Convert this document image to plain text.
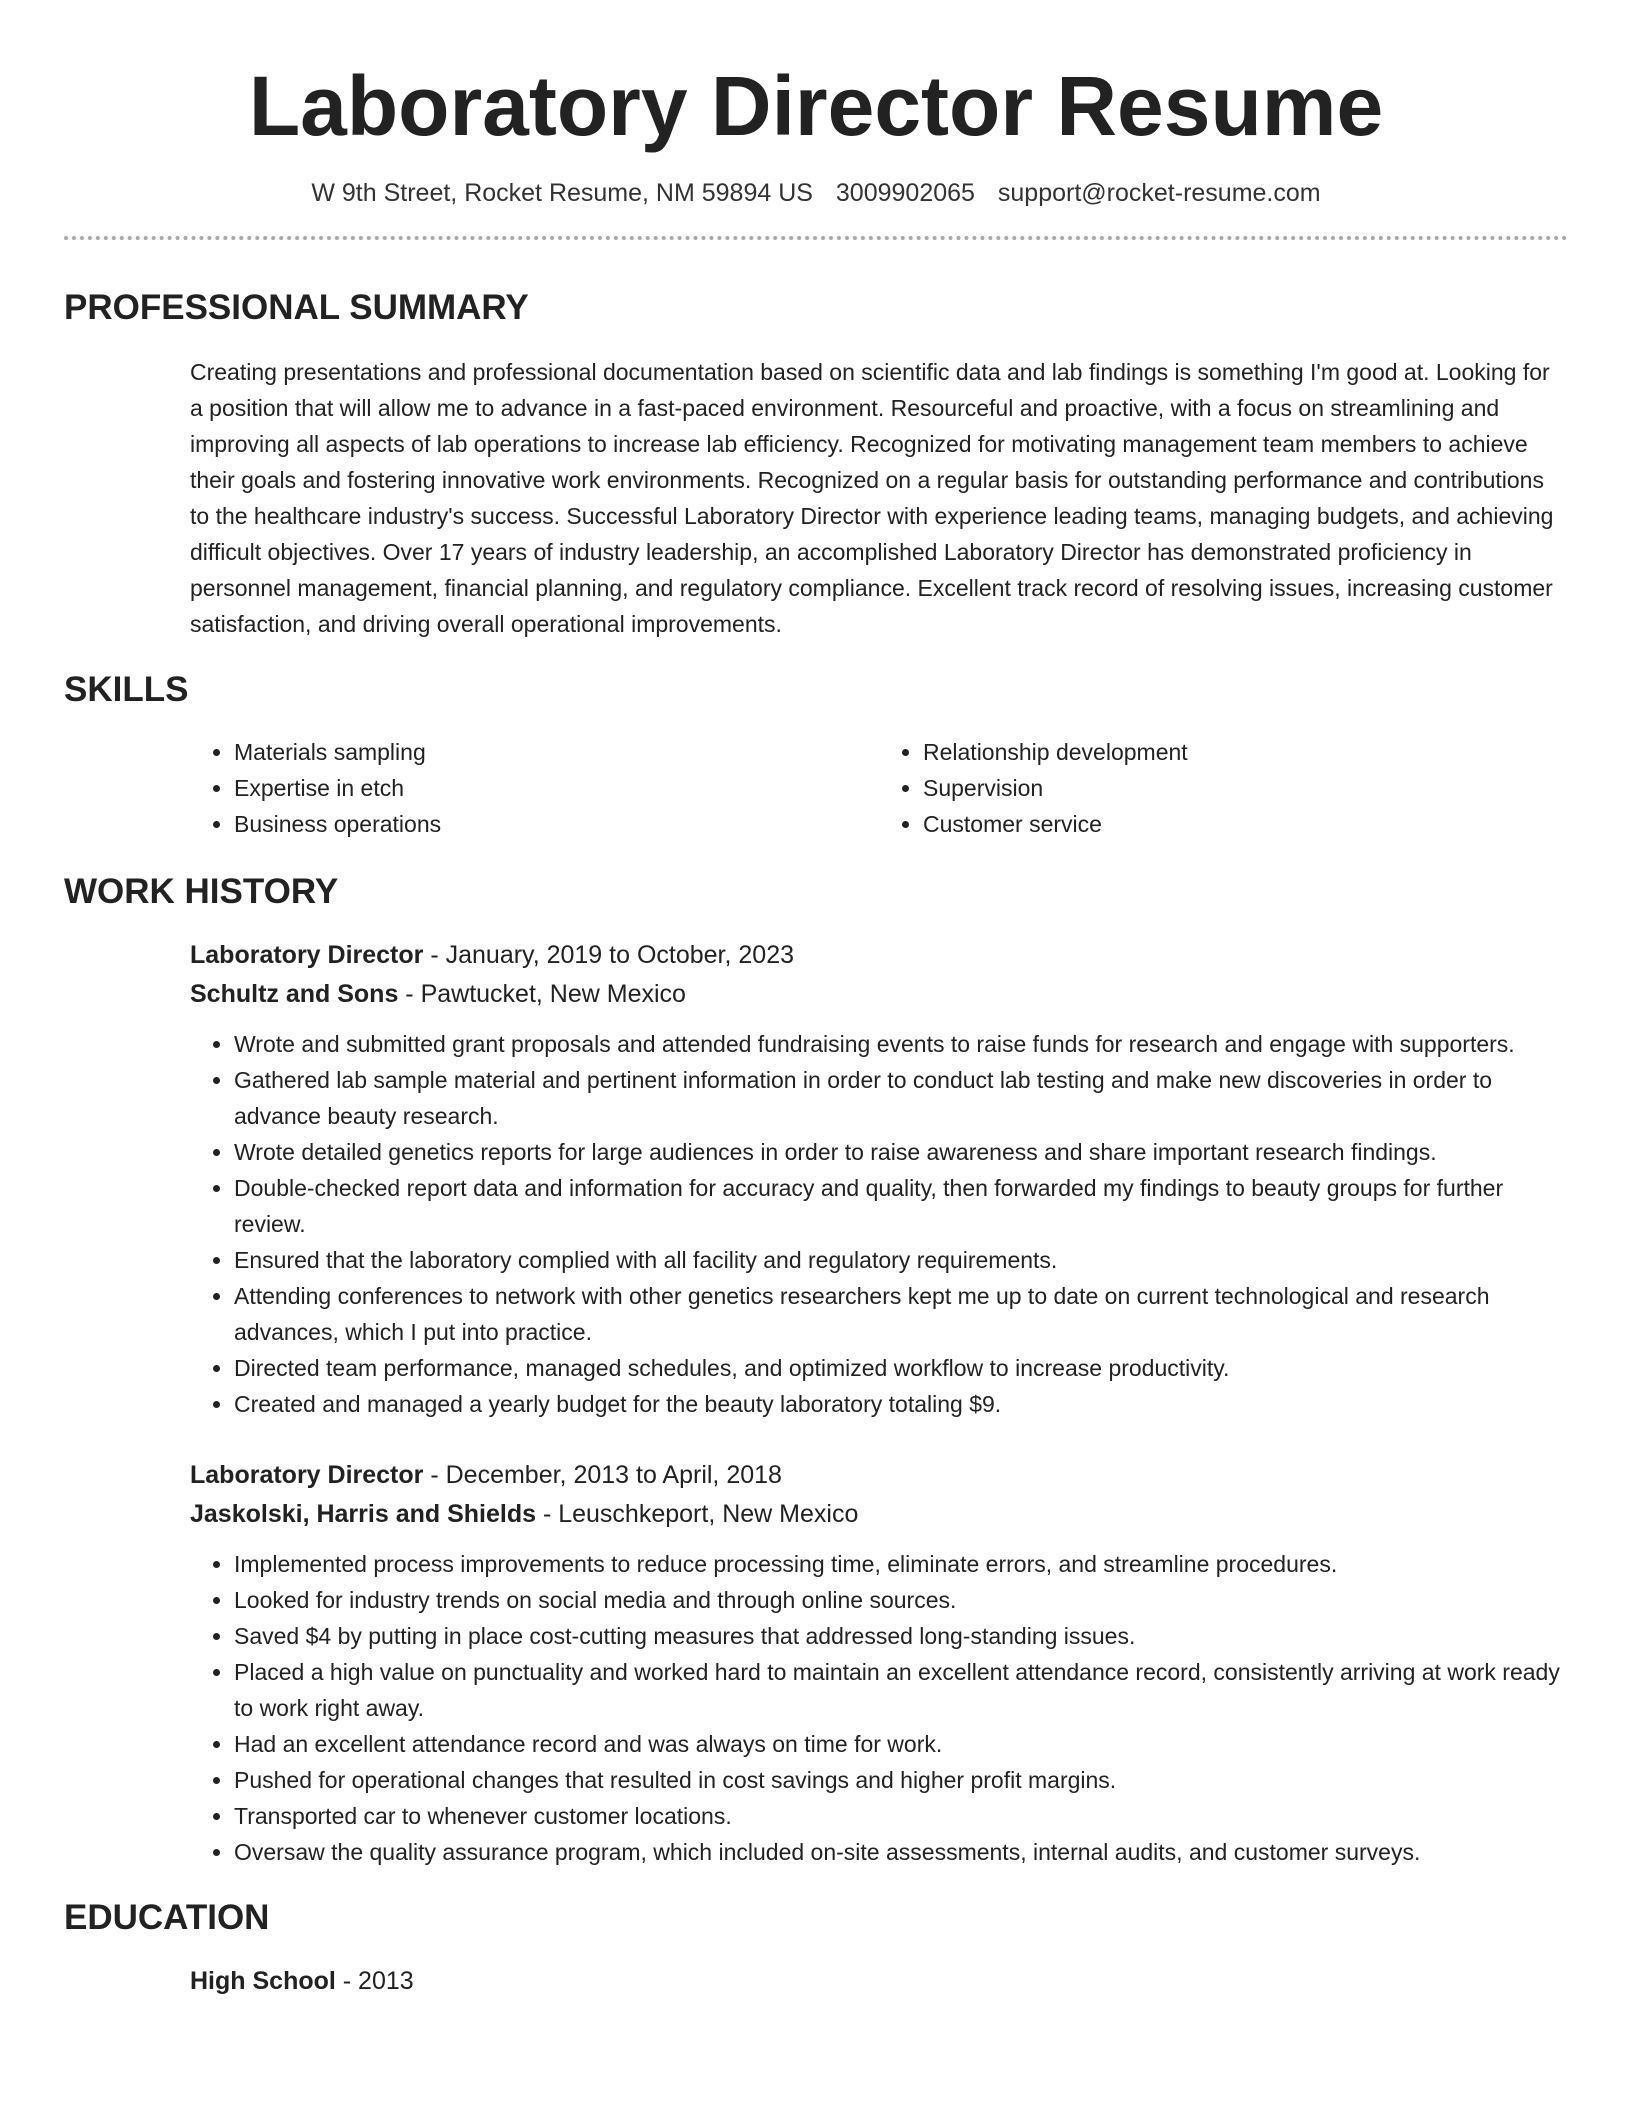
Laboratory Director Resume
W 9th Street, Rocket Resume, NM 59894 US 3009902065 support@rocket-resume.com
PROFESSIONAL SUMMARY
Creating presentations and professional documentation based on scientific data and lab findings is something I'm good at. Looking for a position that will allow me to advance in a fast-paced environment. Resourceful and proactive, with a focus on streamlining and improving all aspects of lab operations to increase lab efficiency. Recognized for motivating management team members to achieve their goals and fostering innovative work environments. Recognized on a regular basis for outstanding performance and contributions to the healthcare industry's success. Successful Laboratory Director with experience leading teams, managing budgets, and achieving difficult objectives. Over 17 years of industry leadership, an accomplished Laboratory Director has demonstrated proficiency in personnel management, financial planning, and regulatory compliance. Excellent track record of resolving issues, increasing customer satisfaction, and driving overall operational improvements.
SKILLS
• Materials sampling
• Expertise in etch
• Business operations
• Relationship development
• Supervision
• Customer service
WORK HISTORY
Laboratory Director - January, 2019 to October, 2023
Schultz and Sons - Pawtucket, New Mexico
• Wrote and submitted grant proposals and attended fundraising events to raise funds for research and engage with supporters.
• Gathered lab sample material and pertinent information in order to conduct lab testing and make new discoveries in order to advance beauty research.
• Wrote detailed genetics reports for large audiences in order to raise awareness and share important research findings.
• Double-checked report data and information for accuracy and quality, then forwarded my findings to beauty groups for further review.
• Ensured that the laboratory complied with all facility and regulatory requirements.
• Attending conferences to network with other genetics researchers kept me up to date on current technological and research advances, which I put into practice.
• Directed team performance, managed schedules, and optimized workflow to increase productivity.
• Created and managed a yearly budget for the beauty laboratory totaling $9.
Laboratory Director - December, 2013 to April, 2018
Jaskolski, Harris and Shields - Leuschkeport, New Mexico
• Implemented process improvements to reduce processing time, eliminate errors, and streamline procedures.
• Looked for industry trends on social media and through online sources.
• Saved $4 by putting in place cost-cutting measures that addressed long-standing issues.
• Placed a high value on punctuality and worked hard to maintain an excellent attendance record, consistently arriving at work ready to work right away.
• Had an excellent attendance record and was always on time for work.
• Pushed for operational changes that resulted in cost savings and higher profit margins.
• Transported car to whenever customer locations.
• Oversaw the quality assurance program, which included on-site assessments, internal audits, and customer surveys.
EDUCATION
High School - 2013
